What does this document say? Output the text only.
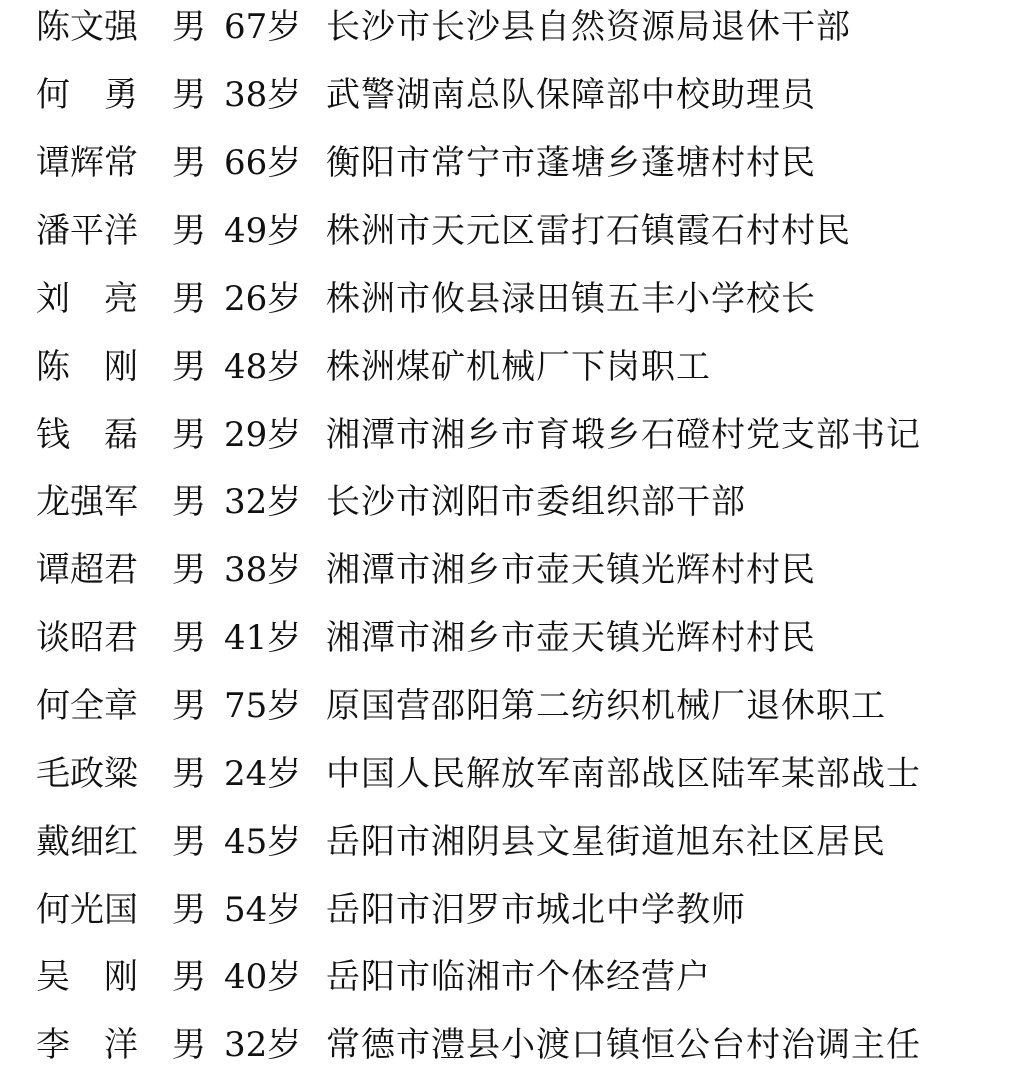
陈文强 男 67岁 长沙市长沙县自然资源局退休干部
何　勇 男 38岁 武警湖南总队保障部中校助理员
谭辉常 男 66岁 衡阳市常宁市蓬塘乡蓬塘村村民
潘平洋 男 49岁 株洲市天元区雷打石镇霞石村村民
刘　亮 男 26岁 株洲市攸县渌田镇五丰小学校长
陈　刚 男 48岁 株洲煤矿机械厂下岗职工
钱　磊 男 29岁 湘潭市湘乡市育塅乡石磴村党支部书记
龙强军 男 32岁 长沙市浏阳市委组织部干部
谭超君 男 38岁 湘潭市湘乡市壶天镇光辉村村民
谈昭君 男 41岁 湘潭市湘乡市壶天镇光辉村村民
何全章 男 75岁 原国营邵阳第二纺织机械厂退休职工
毛政粱 男 24岁 中国人民解放军南部战区陆军某部战士
戴细红 男 45岁 岳阳市湘阴县文星街道旭东社区居民
何光国 男 54岁 岳阳市汨罗市城北中学教师
吴　刚 男 40岁 岳阳市临湘市个体经营户
李　洋 男 32岁 常德市澧县小渡口镇恒公台村治调主任
